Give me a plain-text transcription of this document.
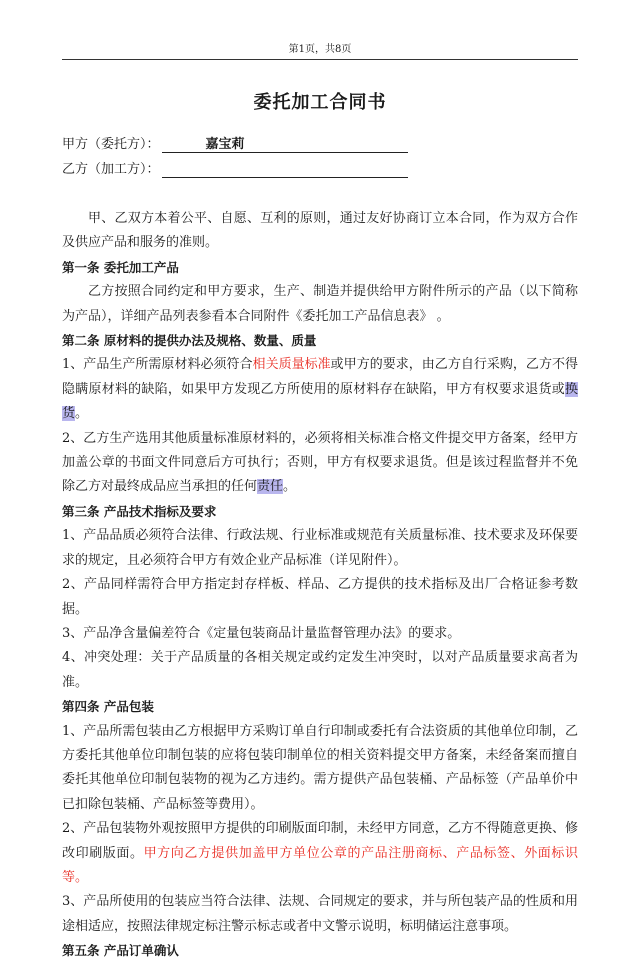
第1页，共8页
委托加工合同书
甲方（委托方）：	嘉宝莉
乙方（加工方）：

甲、乙双方本着公平、自愿、互利的原则，通过友好协商订立本合同，作为双方合作及供应产品和服务的准则。

第一条 委托加工产品

乙方按照合同约定和甲方要求，生产、制造并提供给甲方附件所示的产品（以下简称为产品），详细产品列表参看本合同附件《委托加工产品信息表》 。

第二条 原材料的提供办法及规格、数量、质量

1、产品生产所需原材料必须符合相关质量标准或甲方的要求，由乙方自行采购，乙方不得隐瞒原材料的缺陷，如果甲方发现乙方所使用的原材料存在缺陷，甲方有权要求退货或换货。

2、乙方生产选用其他质量标准原材料的，必须将相关标准合格文件提交甲方备案，经甲方加盖公章的书面文件同意后方可执行；否则，甲方有权要求退货。但是该过程监督并不免除乙方对最终成品应当承担的任何责任。

第三条 产品技术指标及要求

1、产品品质必须符合法律、行政法规、行业标准或规范有关质量标准、技术要求及环保要求的规定，且必须符合甲方有效企业产品标准（详见附件）。

2、产品同样需符合甲方指定封存样板、样品、乙方提供的技术指标及出厂合格证参考数据。

3、产品净含量偏差符合《定量包装商品计量监督管理办法》的要求。

4、冲突处理：关于产品质量的各相关规定或约定发生冲突时，以对产品质量要求高者为准。

第四条 产品包装

1、产品所需包装由乙方根据甲方采购订单自行印制或委托有合法资质的其他单位印制，乙方委托其他单位印制包装的应将包装印制单位的相关资料提交甲方备案，未经备案而擅自委托其他单位印制包装物的视为乙方违约。需方提供产品包装桶、产品标签（产品单价中已扣除包装桶、产品标签等费用）。

2、产品包装物外观按照甲方提供的印刷版面印制，未经甲方同意，乙方不得随意更换、修改印刷版面。甲方向乙方提供加盖甲方单位公章的产品注册商标、产品标签、外面标识等。

3、产品所使用的包装应当符合法律、法规、合同规定的要求，并与所包装产品的性质和用途相适应，按照法律规定标注警示标志或者中文警示说明，标明储运注意事项。

第五条 产品订单确认
